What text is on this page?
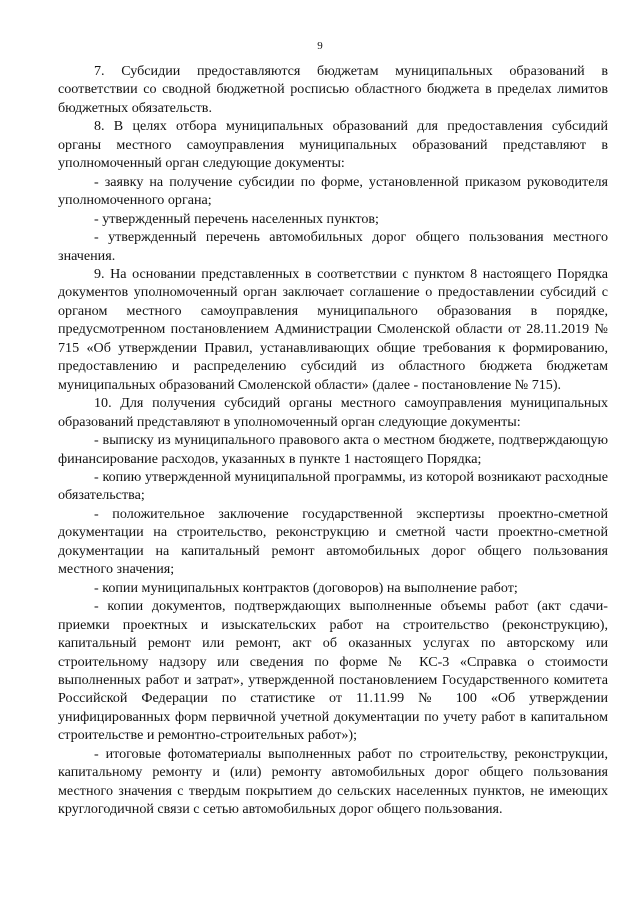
9

7. Субсидии предоставляются бюджетам муниципальных образований в соответствии со сводной бюджетной росписью областного бюджета в пределах лимитов бюджетных обязательств.

8. В целях отбора муниципальных образований для предоставления субсидий органы местного самоуправления муниципальных образований представляют в уполномоченный орган следующие документы:

- заявку на получение субсидии по форме, установленной приказом руководителя уполномоченного органа;

- утвержденный перечень населенных пунктов;

- утвержденный перечень автомобильных дорог общего пользования местного значения.

9. На основании представленных в соответствии с пунктом 8 настоящего Порядка документов уполномоченный орган заключает соглашение о предоставлении субсидий с органом местного самоуправления муниципального образования в порядке, предусмотренном постановлением Администрации Смоленской области от 28.11.2019 № 715 «Об утверждении Правил, устанавливающих общие требования к формированию, предоставлению и распределению субсидий из областного бюджета бюджетам муниципальных образований Смоленской области» (далее - постановление № 715).

10. Для получения субсидий органы местного самоуправления муниципальных образований представляют в уполномоченный орган следующие документы:

- выписку из муниципального правового акта о местном бюджете, подтверждающую финансирование расходов, указанных в пункте 1 настоящего Порядка;

- копию утвержденной муниципальной программы, из которой возникают расходные обязательства;

- положительное заключение государственной экспертизы проектно-сметной документации на строительство, реконструкцию и сметной части проектно-сметной документации на капитальный ремонт автомобильных дорог общего пользования местного значения;

- копии муниципальных контрактов (договоров) на выполнение работ;

- копии документов, подтверждающих выполненные объемы работ (акт сдачи-приемки проектных и изыскательских работ на строительство (реконструкцию), капитальный ремонт или ремонт, акт об оказанных услугах по авторскому или строительному надзору или сведения по форме № КС-3 «Справка о стоимости выполненных работ и затрат», утвержденной постановлением Государственного комитета Российской Федерации по статистике от 11.11.99 № 100 «Об утверждении унифицированных форм первичной учетной документации по учету работ в капитальном строительстве и ремонтно-строительных работ»);

- итоговые фотоматериалы выполненных работ по строительству, реконструкции, капитальному ремонту и (или) ремонту автомобильных дорог общего пользования местного значения с твердым покрытием до сельских населенных пунктов, не имеющих круглогодичной связи с сетью автомобильных дорог общего пользования.
